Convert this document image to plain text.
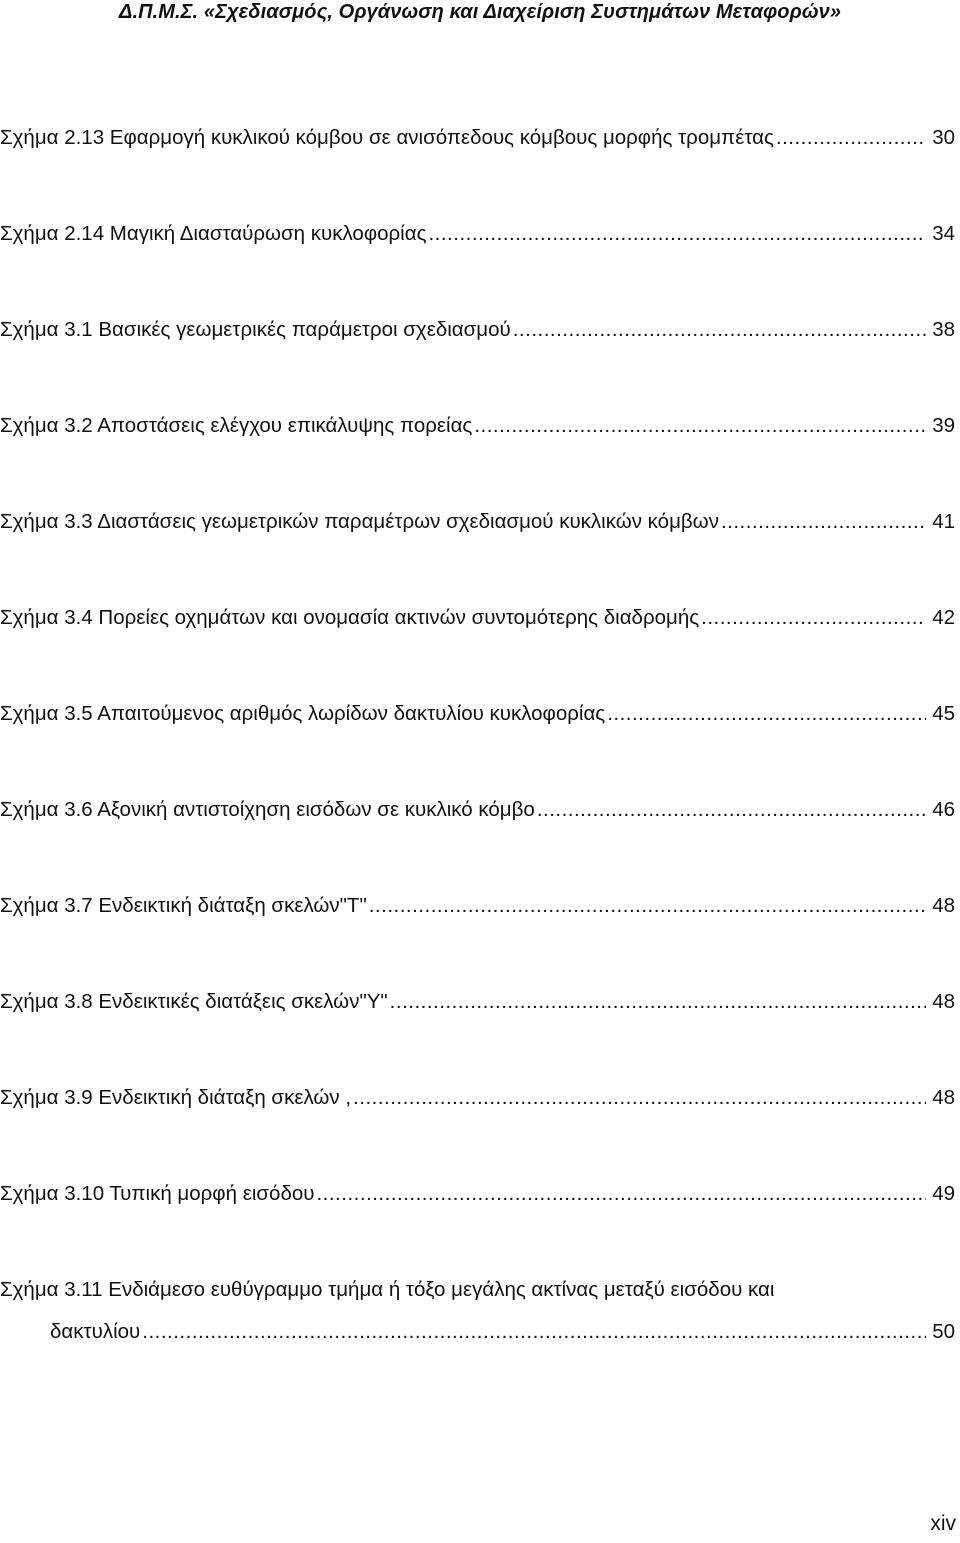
Δ.Π.Μ.Σ. «Σχεδιασμός, Οργάνωση και Διαχείριση Συστημάτων Μεταφορών»
Σχήμα 2.13 Εφαρμογή κυκλικού κόμβου σε ανισόπεδους κόμβους μορφής τρομπέτας .....	30
Σχήμα 2.14 Μαγική Διασταύρωση κυκλοφορίας .....	34
Σχήμα 3.1 Βασικές γεωμετρικές παράμετροι σχεδιασμού .....	38
Σχήμα 3.2 Αποστάσεις ελέγχου επικάλυψης πορείας .....	39
Σχήμα 3.3 Διαστάσεις γεωμετρικών παραμέτρων σχεδιασμού κυκλικών κόμβων .....	41
Σχήμα 3.4 Πορείες οχημάτων και ονομασία ακτινών συντομότερης διαδρομής .....	42
Σχήμα 3.5 Απαιτούμενος αριθμός λωρίδων δακτυλίου κυκλοφορίας .....	45
Σχήμα 3.6 Αξονική αντιστοίχηση εισόδων σε κυκλικό κόμβο .....	46
Σχήμα 3.7 Ενδεικτική διάταξη σκελών"Τ" .....	48
Σχήμα 3.8 Ενδεικτικές διατάξεις σκελών"Υ" .....	48
Σχήμα 3.9 Ενδεικτική διάταξη σκελών , .....	48
Σχήμα 3.10 Τυπική μορφή εισόδου .....	49
Σχήμα 3.11 Ενδιάμεσο ευθύγραμμο τμήμα ή τόξο μεγάλης ακτίνας μεταξύ εισόδου και
δακτυλίου .....	50
xiv
